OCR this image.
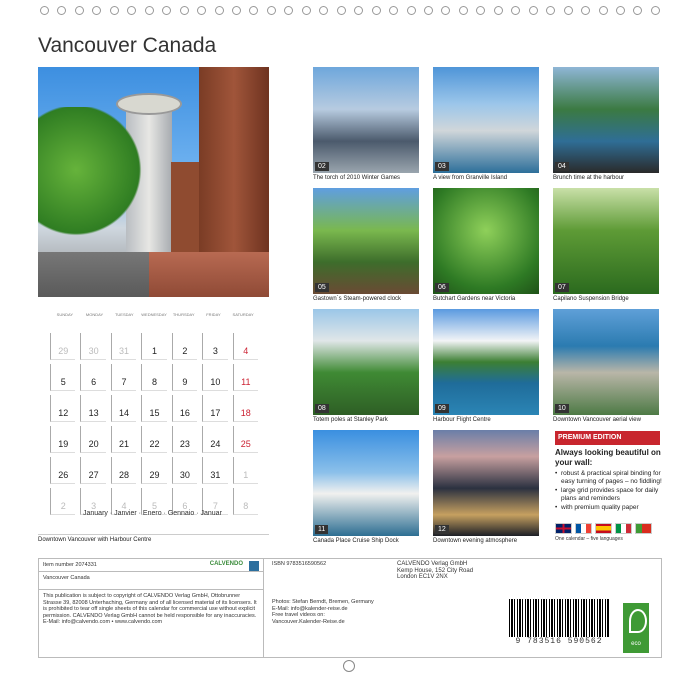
Vancouver Canada
SUNDAY	MONDAY	TUESDAY	WEDNESDAY	THURSDAY	FRIDAY	SATURDAY
29	30	31	1	2	3	4
5	6	7	8	9	10	11
12	13	14	15	16	17	18
19	20	21	22	23	24	25
26	27	28	29	30	31	1
2	3	4	5	6	7	8
January · Janvier · Enero · Gennaio · Januar
Downtown Vancouver with Harbour Centre
02
The torch of 2010 Winter Games
03
A view from Granville Island
04
Brunch time at the harbour
05
Gastown´s Steam-powered clock
06
Butchart Gardens near Victoria
07
Capilano Suspension Bridge
08
Totem poles at Stanley Park
09
Harbour Flight Centre
10
Downtown Vancouver aerial view
11
Canada Place Cruise Ship Dock
12
Downtown evening atmosphere
PREMIUM EDITION
Always looking beautiful on your wall:
• robust & practical spiral binding for easy turning of pages – no fiddling!
• large grid provides space for daily plans and reminders
• with premium quality paper
One calendar – five languages
Item number 2074331	CALVENDO
Vancouver Canada
This publication is subject to copyright of CALVENDO Verlag GmbH, Ottobrunner Strasse 39, 82008 Unterhaching, Germany and of all licensed material of its licensers. It is prohibited to tear off single sheets of this calendar for commercial use without explicit permission. CALVENDO Verlag GmbH cannot be held responsible for any inaccuracies. E-Mail: info@calvendo.com • www.calvendo.com
ISBN 9783516590562
Photos: Stefan Berndt, Bremen, Germany
E-Mail: info@kalender-reise.de
Free travel videos on:
Vancouver.Kalender-Reise.de
CALVENDO Verlag GmbH
Kemp House, 152 City Road
London EC1V 2NX
9 783516 590562	eco
